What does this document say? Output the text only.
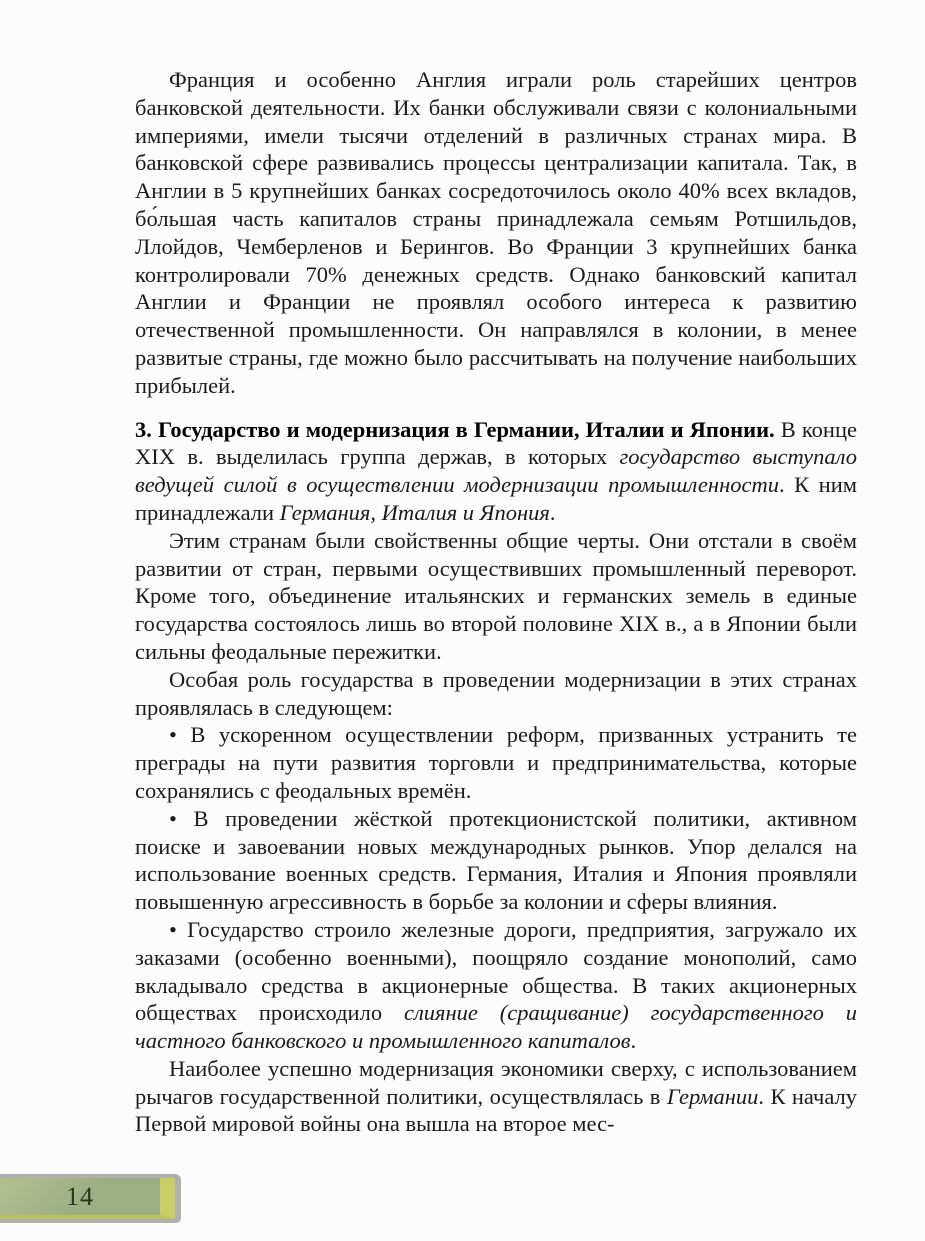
Франция и особенно Англия играли роль старейших центров банковской деятельности. Их банки обслуживали связи с колониальными империями, имели тысячи отделений в различных странах мира. В банковской сфере развивались процессы централизации капитала. Так, в Англии в 5 крупнейших банках сосредоточилось около 40% всех вкладов, бо́льшая часть капиталов страны принадлежала семьям Ротшильдов, Ллойдов, Чемберленов и Берингов. Во Франции 3 крупнейших банка контролировали 70% денежных средств. Однако банковский капитал Англии и Франции не проявлял особого интереса к развитию отечественной промышленности. Он направлялся в колонии, в менее развитые страны, где можно было рассчитывать на получение наибольших прибылей.

3. Государство и модернизация в Германии, Италии и Японии. В конце XIX в. выделилась группа держав, в которых государство выступало ведущей силой в осуществлении модернизации промышленности. К ним принадлежали Германия, Италия и Япония.

Этим странам были свойственны общие черты. Они отстали в своём развитии от стран, первыми осуществивших промышленный переворот. Кроме того, объединение итальянских и германских земель в единые государства состоялось лишь во второй половине XIX в., а в Японии были сильны феодальные пережитки.

Особая роль государства в проведении модернизации в этих странах проявлялась в следующем:

• В ускоренном осуществлении реформ, призванных устранить те преграды на пути развития торговли и предпринимательства, которые сохранялись с феодальных времён.

• В проведении жёсткой протекционистской политики, активном поиске и завоевании новых международных рынков. Упор делался на использование военных средств. Германия, Италия и Япония проявляли повышенную агрессивность в борьбе за колонии и сферы влияния.

• Государство строило железные дороги, предприятия, загружало их заказами (особенно военными), поощряло создание монополий, само вкладывало средства в акционерные общества. В таких акционерных обществах происходило слияние (сращивание) государственного и частного банковского и промышленного капиталов.

Наиболее успешно модернизация экономики сверху, с использованием рычагов государственной политики, осуществлялась в Германии. К началу Первой мировой войны она вышла на второе мес-

14
